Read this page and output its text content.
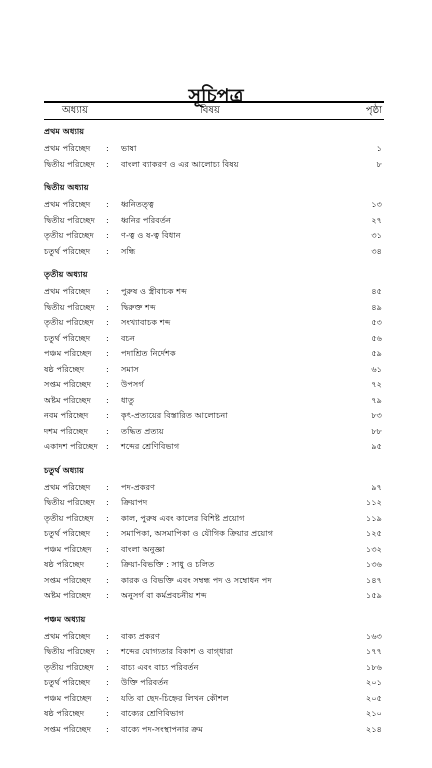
সূচিপত্র
অধ্যায়	বিষয়	পৃষ্ঠা
প্রথম অধ্যায়
প্রথম পরিচ্ছেদ : ভাষা	১
দ্বিতীয় পরিচ্ছেদ : বাংলা ব্যাকরণ ও এর আলোচ্য বিষয়	৮
দ্বিতীয় অধ্যায়
প্রথম পরিচ্ছেদ : ধ্বনিতত্ত্ব	১৩
দ্বিতীয় পরিচ্ছেদ : ধ্বনির পরিবর্তন	২৭
তৃতীয় পরিচ্ছেদ : ণ-ত্ব ও ষ-ত্ব বিধান	৩১
চতুর্থ পরিচ্ছেদ : সন্ধি	৩৪
তৃতীয় অধ্যায়
প্রথম পরিচ্ছেদ : পুরুষ ও স্ত্রীবাচক শব্দ	৪৫
দ্বিতীয় পরিচ্ছেদ : দ্বিরুক্ত শব্দ	৪৯
তৃতীয় পরিচ্ছেদ : সংখ্যাবাচক শব্দ	৫৩
চতুর্থ পরিচ্ছেদ : বচন	৫৬
পঞ্চম পরিচ্ছেদ : পদাশ্রিত নির্দেশক	৫৯
ষষ্ঠ পরিচ্ছেদ	: সমাস	৬১
সপ্তম পরিচ্ছেদ : উপসর্গ	৭২
অষ্টম পরিচ্ছেদ : ধাতু	৭৯
নবম পরিচ্ছেদ : কৃৎ-প্রত্যয়ের বিস্তারিত আলোচনা	৮৩
দশম পরিচ্ছেদ : তদ্ধিত প্রত্যয়	৮৮
একাদশ পরিচ্ছেদ : শব্দের শ্রেণিবিভাগ	৯৫
চতুর্থ অধ্যায়
প্রথম পরিচ্ছেদ : পদ-প্রকরণ	৯৭
দ্বিতীয় পরিচ্ছেদ : ক্রিয়াপদ	১১২
তৃতীয় পরিচ্ছেদ : কাল, পুরুষ এবং কালের বিশিষ্ট প্রয়োগ	১১৯
চতুর্থ পরিচ্ছেদ : সমাপিকা, অসমাপিকা ও যৌগিক ক্রিয়ার প্রয়োগ	১২৫
পঞ্চম পরিচ্ছেদ : বাংলা অনুজ্ঞা	১৩২
ষষ্ঠ পরিচ্ছেদ	: ক্রিয়া-বিভক্তি : সাধু ও চলিত	১৩৬
সপ্তম পরিচ্ছেদ : কারক ও বিভক্তি এবং সম্বন্ধ পদ ও সম্বোধন পদ	১৪৭
অষ্টম পরিচ্ছেদ : অনুসর্গ বা কর্মপ্রবচনীয় শব্দ	১৫৯
পঞ্চম অধ্যায়
প্রথম পরিচ্ছেদ : বাক্য প্রকরণ	১৬৩
দ্বিতীয় পরিচ্ছেদ : শব্দের যোগ্যতার বিকাশ ও বাগ্‌ধারা	১৭৭
তৃতীয় পরিচ্ছেদ : বাচ্য এবং বাচ্য পরিবর্তন	১৮৬
চতুর্থ পরিচ্ছেদ : উক্তি পরিবর্তন	২০১
পঞ্চম পরিচ্ছেদ : যতি বা ছেদ-চিহ্নের লিখন কৌশল	২০৫
ষষ্ঠ পরিচ্ছেদ	: বাক্যের শ্রেণিবিভাগ	২১০
সপ্তম পরিচ্ছেদ : বাক্যে পদ-সংস্থাপনার ক্রম	২১৪
